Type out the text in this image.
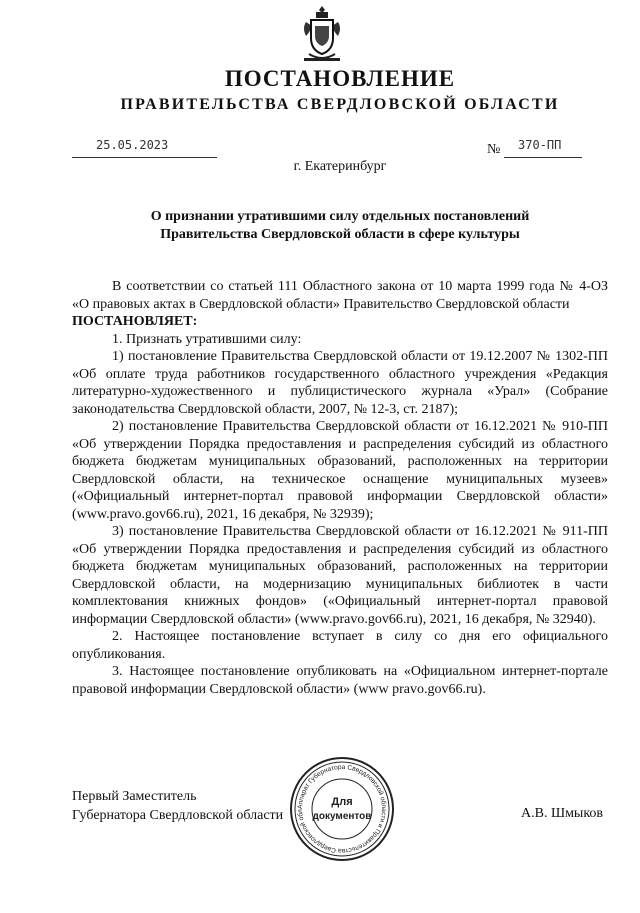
ПОСТАНОВЛЕНИЕ
ПРАВИТЕЛЬСТВА СВЕРДЛОВСКОЙ ОБЛАСТИ
25.05.2023	№ 370-ПП
г. Екатеринбург
О признании утратившими силу отдельных постановлений
Правительства Свердловской области в сфере культуры

В соответствии со статьей 111 Областного закона от 10 марта 1999 года № 4-ОЗ «О правовых актах в Свердловской области» Правительство Свердловской области

ПОСТАНОВЛЯЕТ:

1. Признать утратившими силу:

1) постановление Правительства Свердловской области от 19.12.2007 № 1302-ПП «Об оплате труда работников государственного областного учреждения «Редакция литературно-художественного и публицистического журнала «Урал» (Собрание законодательства Свердловской области, 2007, № 12-3, ст. 2187);

2) постановление Правительства Свердловской области от 16.12.2021 № 910-ПП «Об утверждении Порядка предоставления и распределения субсидий из областного бюджета бюджетам муниципальных образований, расположенных на территории Свердловской области, на техническое оснащение муниципальных музеев» («Официальный интернет-портал правовой информации Свердловской области» (www.pravo.gov66.ru), 2021, 16 декабря, № 32939);

3) постановление Правительства Свердловской области от 16.12.2021 № 911-ПП «Об утверждении Порядка предоставления и распределения субсидий из областного бюджета бюджетам муниципальных образований, расположенных на территории Свердловской области, на модернизацию муниципальных библиотек в части комплектования книжных фондов» («Официальный интернет-портал правовой информации Свердловской области» (www.pravo.gov66.ru), 2021, 16 декабря, № 32940).

2. Настоящее постановление вступает в силу со дня его официального опубликования.

3. Настоящее постановление опубликовать на «Официальном интернет-портале правовой информации Свердловской области» (www pravo.gov66.ru).

Первый Заместитель
Губернатора Свердловской области	А.В. Шмыков
Аппарат Губернатора Свердловской области и Правительства Свердловской обл
Для
документов
